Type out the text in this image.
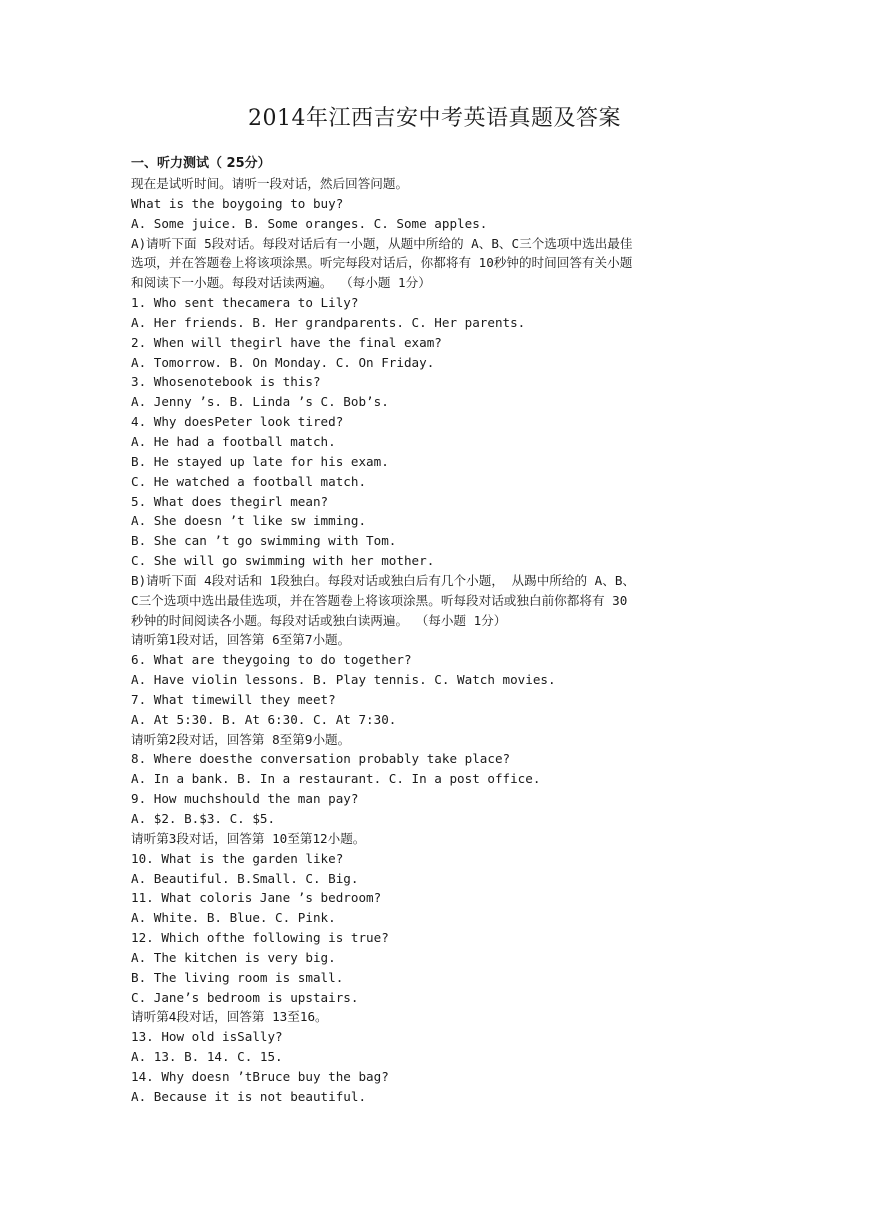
2014年江西吉安中考英语真题及答案

一、听力测试（ 25分）

现在是试听时间。请听一段对话，然后回答问题。

What is the boygoing to buy?

A. Some juice. B. Some oranges. C. Some apples.

A)请听下面 5段对话。每段对话后有一小题，从题中所给的 A、B、C三个选项中选出最佳

选项，并在答题卷上将该项涂黑。听完每段对话后，你都将有 10秒钟的时间回答有关小题

和阅读下一小题。每段对话读两遍。 （每小题 1分）

1. Who sent thecamera to Lily?

A. Her friends. B. Her grandparents. C. Her parents.

2. When will thegirl have the final exam?

A. Tomorrow. B. On Monday. C. On Friday.

3. Whosenotebook is this?

A. Jenny ’s. B. Linda ’s C. Bob’s.

4. Why doesPeter look tired?

A. He had a football match.

B. He stayed up late for his exam.

C. He watched a football match.

5. What does thegirl mean?

A. She doesn ’t like sw imming.

B. She can ’t go swimming with Tom.

C. She will go swimming with her mother.

B)请听下面 4段对话和 1段独白。每段对话或独白后有几个小题， 从踢中所给的 A、B、

C三个选项中选出最佳选项，并在答题卷上将该项涂黑。听每段对话或独白前你都将有 30

秒钟的时间阅读各小题。每段对话或独白读两遍。 （每小题 1分）

请听第1段对话，回答第 6至第7小题。

6. What are theygoing to do together?

A. Have violin lessons. B. Play tennis. C. Watch movies.

7. What timewill they meet?

A. At 5:30. B. At 6:30. C. At 7:30.

请听第2段对话，回答第 8至第9小题。

8. Where doesthe conversation probably take place?

A. In a bank. B. In a restaurant. C. In a post office.

9. How muchshould the man pay?

A. $2. B.$3. C. $5.

请听第3段对话，回答第 10至第12小题。

10. What is the garden like?

A. Beautiful. B.Small. C. Big.

11. What coloris Jane ’s bedroom?

A. White. B. Blue. C. Pink.

12. Which ofthe following is true?

A. The kitchen is very big.

B. The living room is small.

C. Jane’s bedroom is upstairs.

请听第4段对话，回答第 13至16。

13. How old isSally?

A. 13. B. 14. C. 15.

14. Why doesn ’tBruce buy the bag?

A. Because it is not beautiful.
